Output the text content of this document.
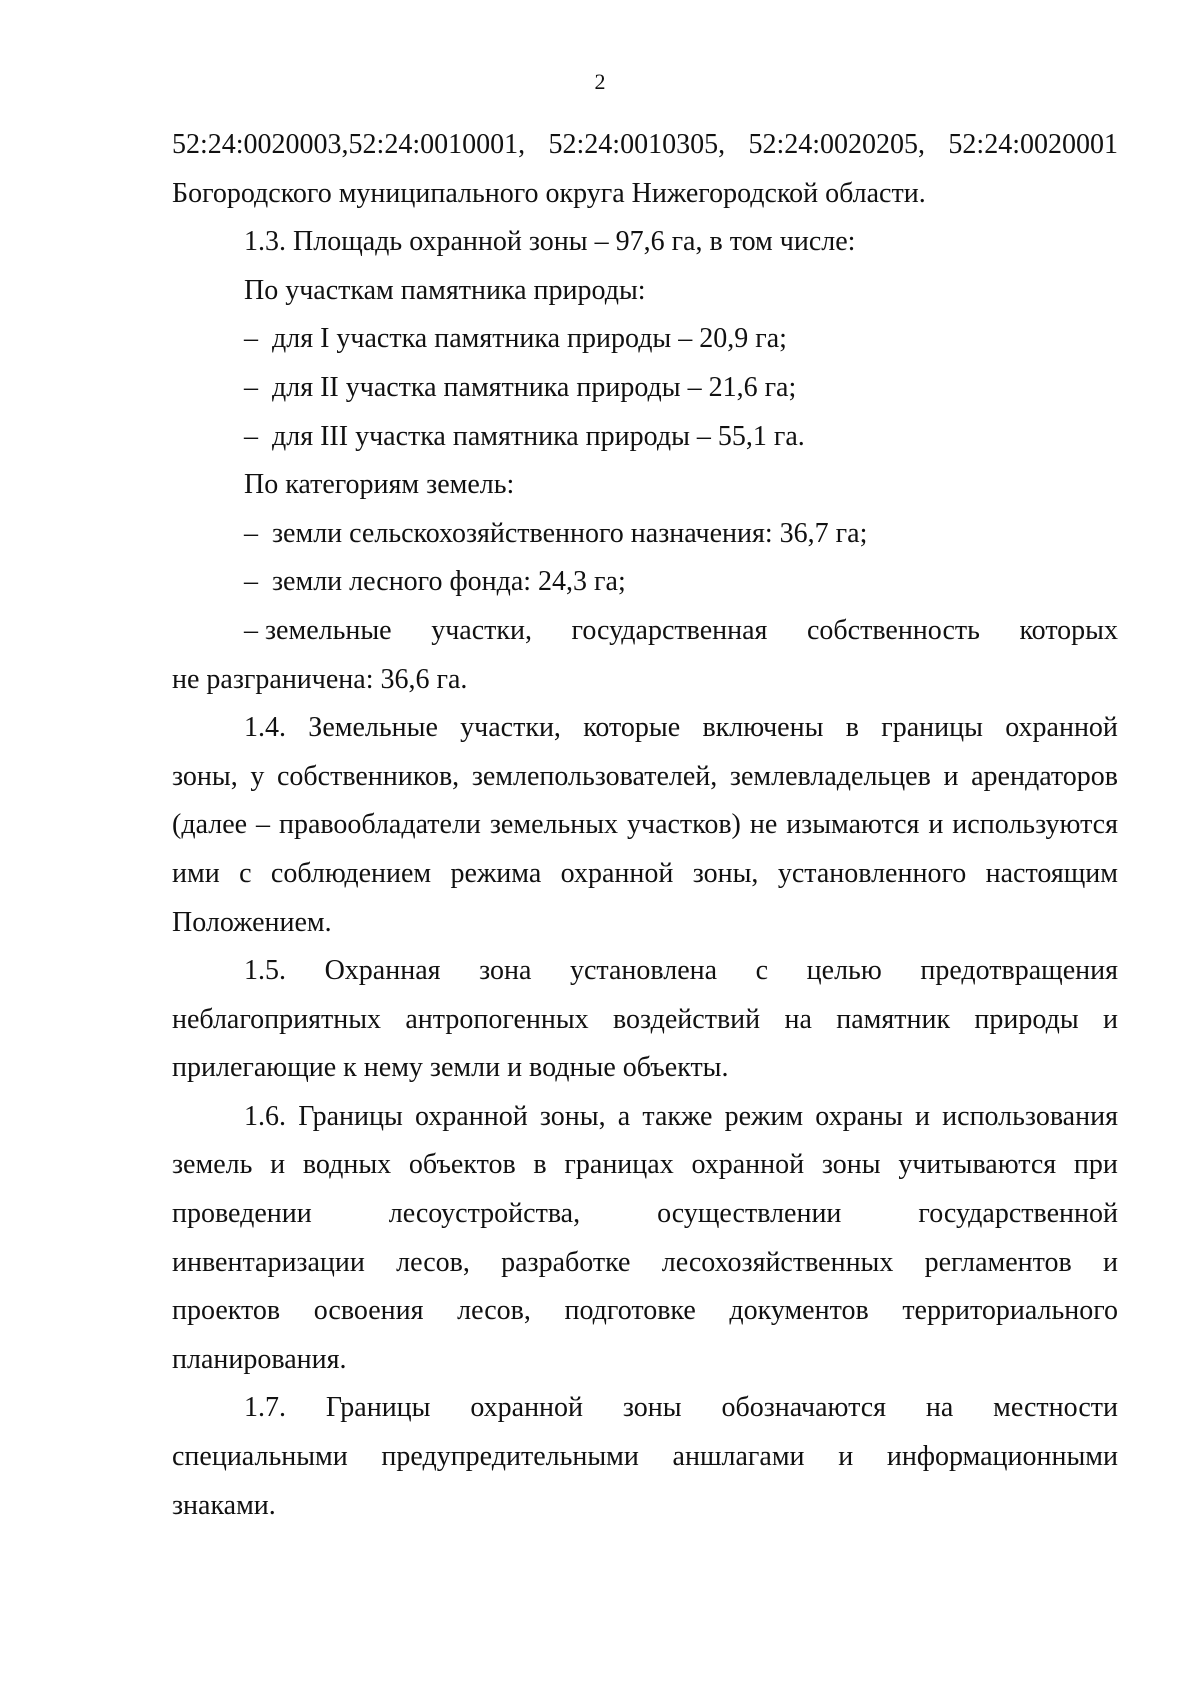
2
52:24:0020003,52:24:0010001, 52:24:0010305, 52:24:0020205, 52:24:0020001
Богородского муниципального округа Нижегородской области.
1.3. Площадь охранной зоны – 97,6 га, в том числе:
По участкам памятника природы:
– для I участка памятника природы – 20,9 га;
– для II участка памятника природы – 21,6 га;
– для III участка памятника природы – 55,1 га.
По категориям земель:
– земли сельскохозяйственного назначения: 36,7 га;
– земли лесного фонда: 24,3 га;
– земельные участки, государственная собственность которых
не разграничена: 36,6 га.
1.4. Земельные участки, которые включены в границы охранной
зоны, у собственников, землепользователей, землевладельцев и арендаторов
(далее – правообладатели земельных участков) не изымаются и используются
ими с соблюдением режима охранной зоны, установленного настоящим
Положением.
1.5. Охранная зона установлена с целью предотвращения
неблагоприятных антропогенных воздействий на памятник природы и
прилегающие к нему земли и водные объекты.
1.6. Границы охранной зоны, а также режим охраны и использования
земель и водных объектов в границах охранной зоны учитываются при
проведении	лесоустройства,	осуществлении	государственной
инвентаризации лесов, разработке лесохозяйственных регламентов и
проектов освоения лесов, подготовке документов территориального
планирования.
1.7. Границы охранной зоны обозначаются на местности
специальными предупредительными аншлагами и информационными
знаками.
